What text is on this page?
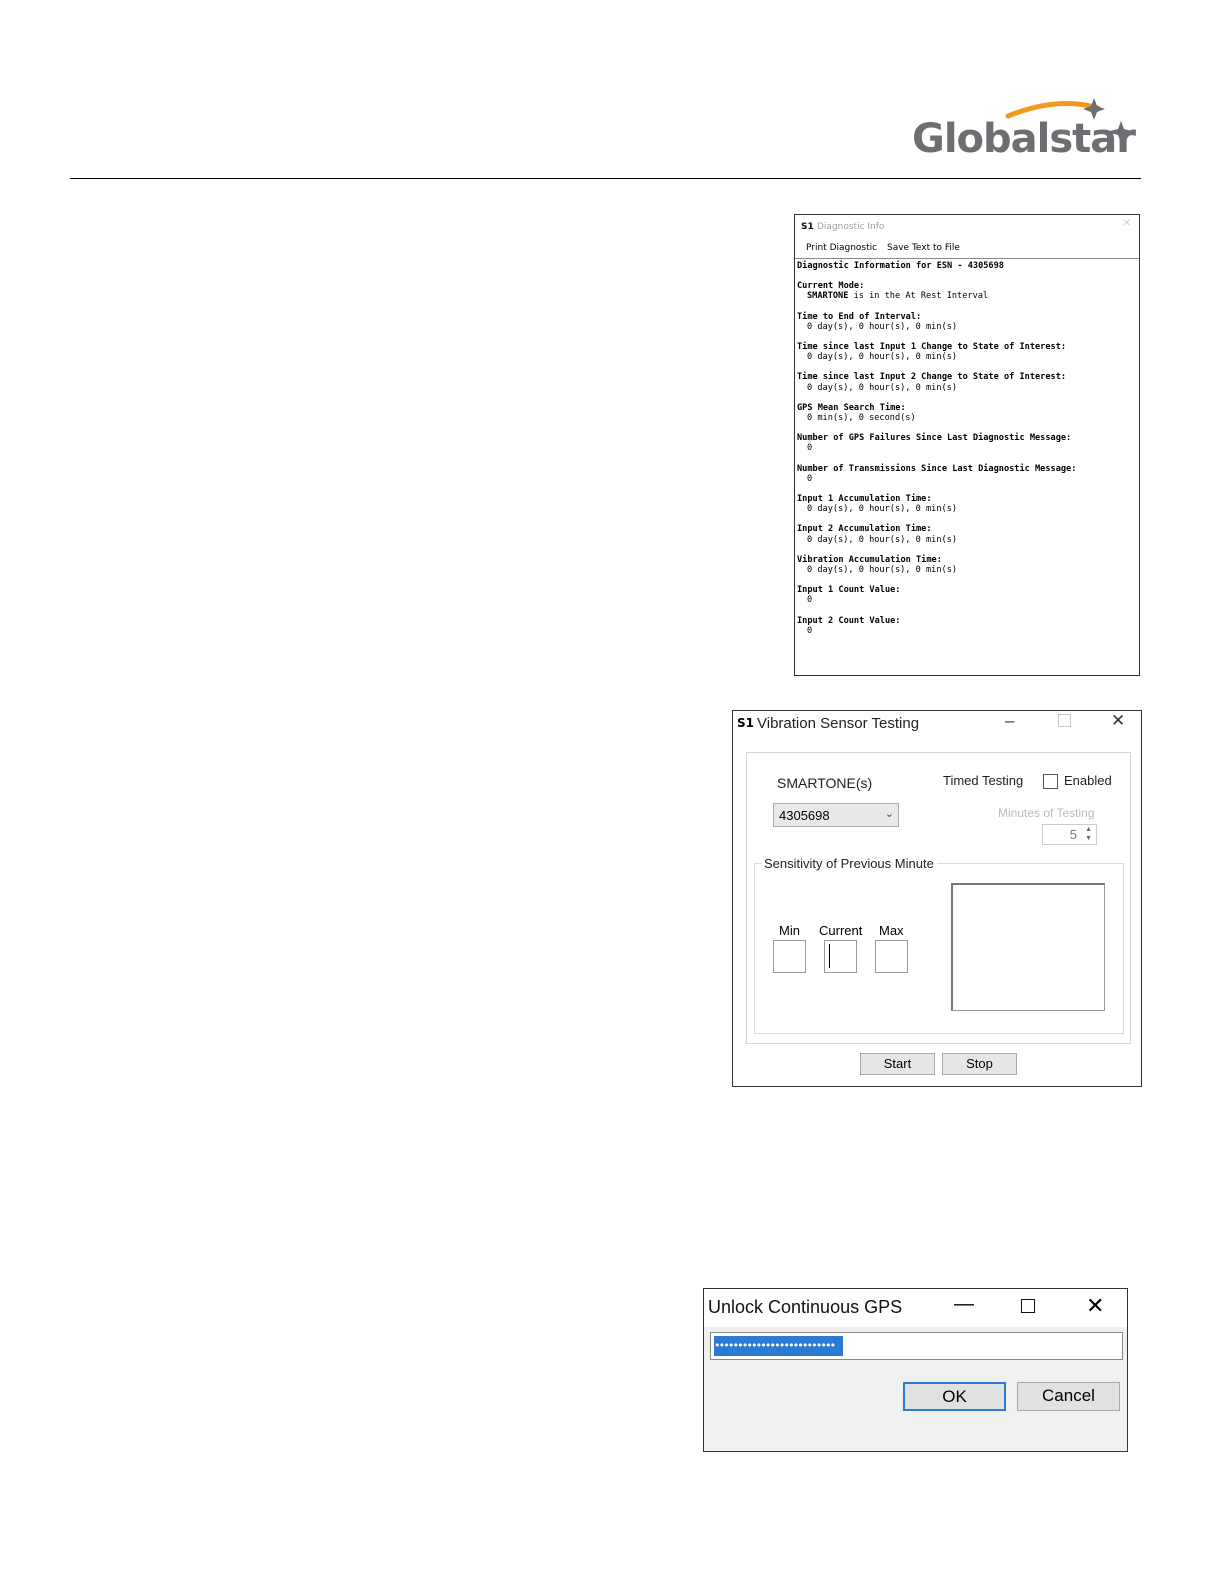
Globalstar
S1 Diagnostic Info	✕
Print Diagnostic Save Text to File
Diagnostic Information for ESN - 4305698
Current Mode:
SMARTONE is in the At Rest Interval
Time to End of Interval:
0 day(s), 0 hour(s), 0 min(s)
Time since last Input 1 Change to State of Interest:
0 day(s), 0 hour(s), 0 min(s)
Time since last Input 2 Change to State of Interest:
0 day(s), 0 hour(s), 0 min(s)
GPS Mean Search Time:
0 min(s), 0 second(s)
Number of GPS Failures Since Last Diagnostic Message:
0
Number of Transmissions Since Last Diagnostic Message:
0
Input 1 Accumulation Time:
0 day(s), 0 hour(s), 0 min(s)
Input 2 Accumulation Time:
0 day(s), 0 hour(s), 0 min(s)
Vibration Accumulation Time:
0 day(s), 0 hour(s), 0 min(s)
Input 1 Count Value:
0
Input 2 Count Value:
0
S1 Vibration Sensor Testing	–	✕
SMARTONE(s)
4305698	⌄
Timed Testing	Enabled
Minutes of Testing
5 ▲
▼
Sensitivity of Previous Minute
Min Current Max
Start	Stop
Unlock Continuous GPS	—	✕
••••••••••••••••••••••••••
OK	Cancel
